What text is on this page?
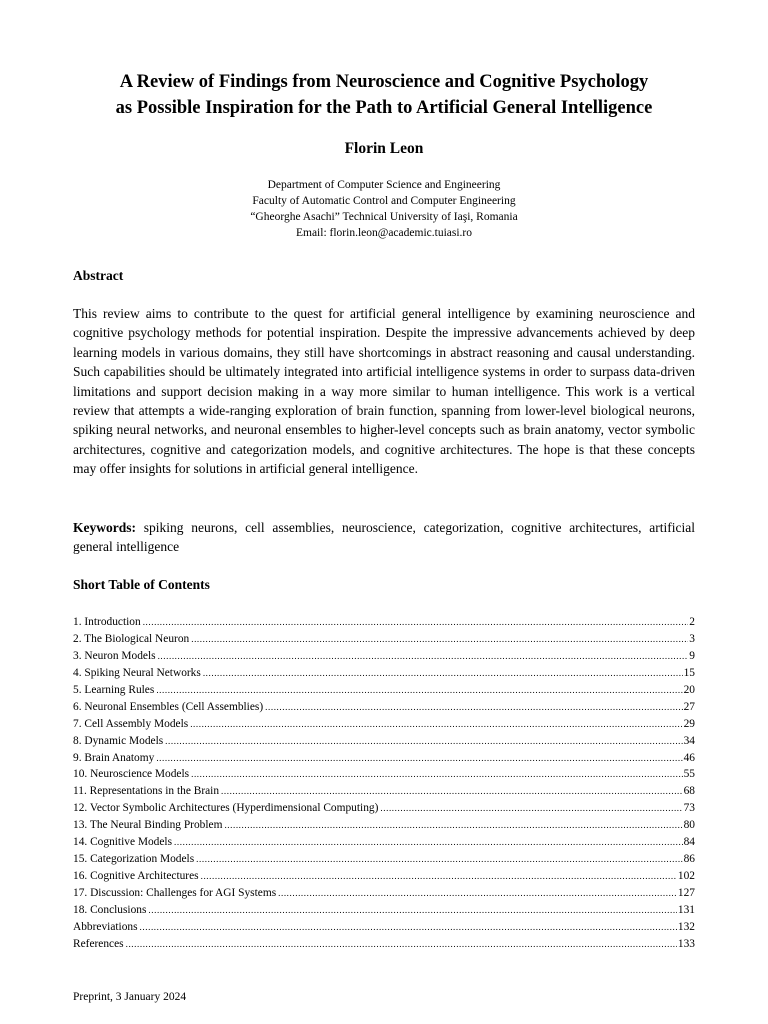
A Review of Findings from Neuroscience and Cognitive Psychology
as Possible Inspiration for the Path to Artificial General Intelligence
Florin Leon
Department of Computer Science and Engineering
Faculty of Automatic Control and Computer Engineering
“Gheorghe Asachi” Technical University of Iaşi, Romania
Email: florin.leon@academic.tuiasi.ro
Abstract
This review aims to contribute to the quest for artificial general intelligence by examining neuroscience and cognitive psychology methods for potential inspiration. Despite the impressive advancements achieved by deep learning models in various domains, they still have shortcomings in abstract reasoning and causal understanding. Such capabilities should be ultimately integrated into artificial intelligence systems in order to surpass data-driven limitations and support decision making in a way more similar to human intelligence. This work is a vertical review that attempts a wide-ranging exploration of brain function, spanning from lower-level biological neurons, spiking neural networks, and neuronal ensembles to higher-level concepts such as brain anatomy, vector symbolic architectures, cognitive and categorization models, and cognitive architectures. The hope is that these concepts may offer insights for solutions in artificial general intelligence.
Keywords: spiking neurons, cell assemblies, neuroscience, categorization, cognitive architectures, artificial general intelligence
Short Table of Contents
1. Introduction .....	2
2. The Biological Neuron .....	3
3. Neuron Models .....	9
4. Spiking Neural Networks .....	15
5. Learning Rules .....	20
6. Neuronal Ensembles (Cell Assemblies) .....	27
7. Cell Assembly Models .....	29
8. Dynamic Models .....	34
9. Brain Anatomy .....	46
10. Neuroscience Models .....	55
11. Representations in the Brain .....	68
12. Vector Symbolic Architectures (Hyperdimensional Computing) .....	73
13. The Neural Binding Problem .....	80
14. Cognitive Models .....	84
15. Categorization Models .....	86
16. Cognitive Architectures .....	102
17. Discussion: Challenges for AGI Systems .....	127
18. Conclusions .....	131
Abbreviations .....	132
References .....	133
Preprint, 3 January 2024
